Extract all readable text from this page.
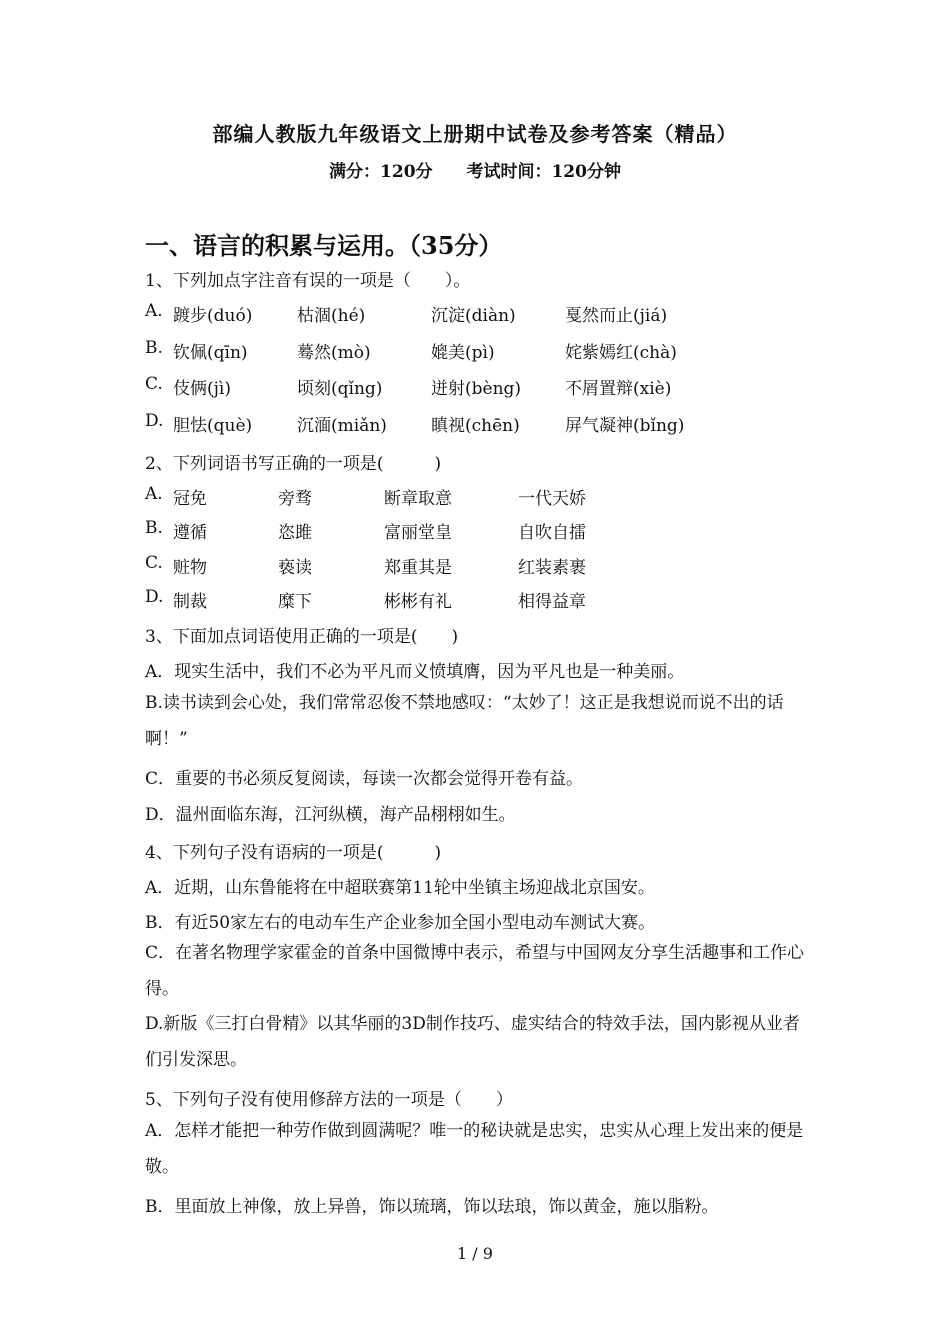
部编人教版九年级语文上册期中试卷及参考答案（精品）
满分：120分 考试时间：120分钟
一、语言的积累与运用。（35分）
1、下列加点字注音有误的一项是（　　）。
A. 踱步(duó)	枯涸(hé)	沉淀(diàn)	戛然而止(jiá)
B. 钦佩(qīn)	蓦然(mò)	媲美(pì)	姹紫嫣红(chà)
C. 伎俩(jì)	顷刻(qǐng)	迸射(bèng)	不屑置辩(xiè)
D. 胆怯(què)	沉湎(miǎn)	瞋视(chēn)	屏气凝神(bǐng)
2、下列词语书写正确的一项是(　　　)
A. 冠免	旁骛	断章取意	一代天娇
B. 遵循	恣雎	富丽堂皇	自吹自擂
C. 赃物	亵读	郑重其是	红装素裹
D. 制裁	糜下	彬彬有礼	相得益章
3、下面加点词语使用正确的一项是(　　)
A．现实生活中，我们不必为平凡而义愤填膺，因为平凡也是一种美丽。
B.读书读到会心处，我们常常忍俊不禁地感叹：“太妙了！这正是我想说而说不出的话啊！”
C．重要的书必须反复阅读，每读一次都会觉得开卷有益。
D．温州面临东海，江河纵横，海产品栩栩如生。
4、下列句子没有语病的一项是(　　　)
A．近期，山东鲁能将在中超联赛第11轮中坐镇主场迎战北京国安。
B．有近50家左右的电动车生产企业参加全国小型电动车测试大赛。
C．在著名物理学家霍金的首条中国微博中表示，希望与中国网友分享生活趣事和工作心得。
D.新版《三打白骨精》以其华丽的3D制作技巧、虚实结合的特效手法，国内影视从业者们引发深思。
5、下列句子没有使用修辞方法的一项是（　　）
A．怎样才能把一种劳作做到圆满呢？唯一的秘诀就是忠实，忠实从心理上发出来的便是敬。
B．里面放上神像，放上异兽，饰以琉璃，饰以珐琅，饰以黄金，施以脂粉。
1 / 9
